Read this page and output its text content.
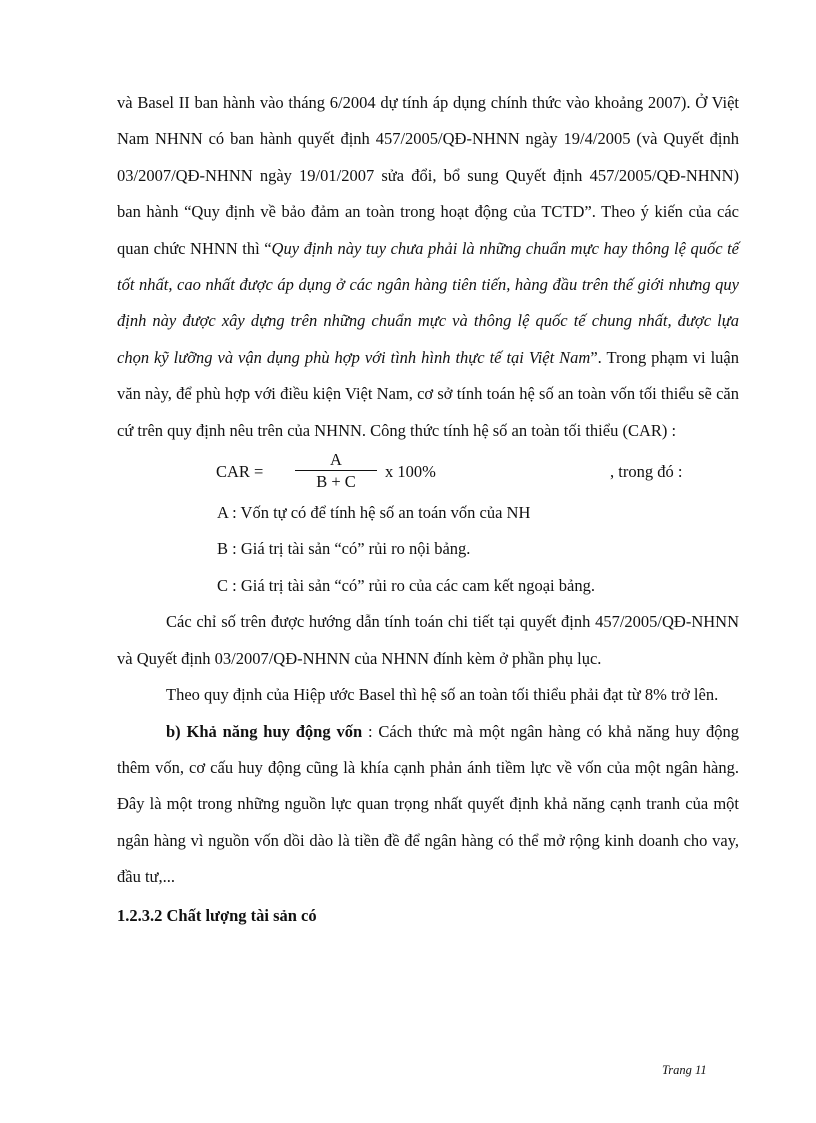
và Basel II ban hành vào tháng 6/2004 dự tính áp dụng chính thức vào khoảng 2007). Ở Việt Nam NHNN có ban hành quyết định 457/2005/QĐ-NHNN ngày 19/4/2005 (và Quyết định 03/2007/QĐ-NHNN ngày 19/01/2007 sửa đổi, bổ sung Quyết định 457/2005/QĐ-NHNN) ban hành “Quy định về bảo đảm an toàn trong hoạt động của TCTD”. Theo ý kiến của các quan chức NHNN thì “Quy định này tuy chưa phải là những chuẩn mực hay thông lệ quốc tế tốt nhất, cao nhất được áp dụng ở các ngân hàng tiên tiến, hàng đầu trên thế giới nhưng quy định này được xây dựng trên những chuẩn mực và thông lệ quốc tế chung nhất, được lựa chọn kỹ lưỡng và vận dụng phù hợp với tình hình thực tế tại Việt Nam”. Trong phạm vi luận văn này, để phù hợp với điều kiện Việt Nam, cơ sở tính toán hệ số an toàn vốn tối thiểu sẽ căn cứ trên quy định nêu trên của NHNN. Công thức tính hệ số an toàn tối thiểu (CAR) :

CAR = $\frac{A}{B + C}$ x 100%	, trong đó :

A : Vốn tự có để tính hệ số an toán vốn của NH

B : Giá trị tài sản “có” rủi ro nội bảng.

C : Giá trị tài sản “có” rủi ro của các cam kết ngoại bảng.

Các chỉ số trên được hướng dẫn tính toán chi tiết tại quyết định 457/2005/QĐ-NHNN và Quyết định 03/2007/QĐ-NHNN của NHNN đính kèm ở phần phụ lục.

Theo quy định của Hiệp ước Basel thì hệ số an toàn tối thiểu phải đạt từ 8% trở lên.

b) Khả năng huy động vốn : Cách thức mà một ngân hàng có khả năng huy động thêm vốn, cơ cấu huy động cũng là khía cạnh phản ánh tiềm lực về vốn của một ngân hàng. Đây là một trong những nguồn lực quan trọng nhất quyết định khả năng cạnh tranh của một ngân hàng vì nguồn vốn dồi dào là tiền đề để ngân hàng có thể mở rộng kinh doanh cho vay, đầu tư,...

1.2.3.2 Chất lượng tài sản có

Trang 11
